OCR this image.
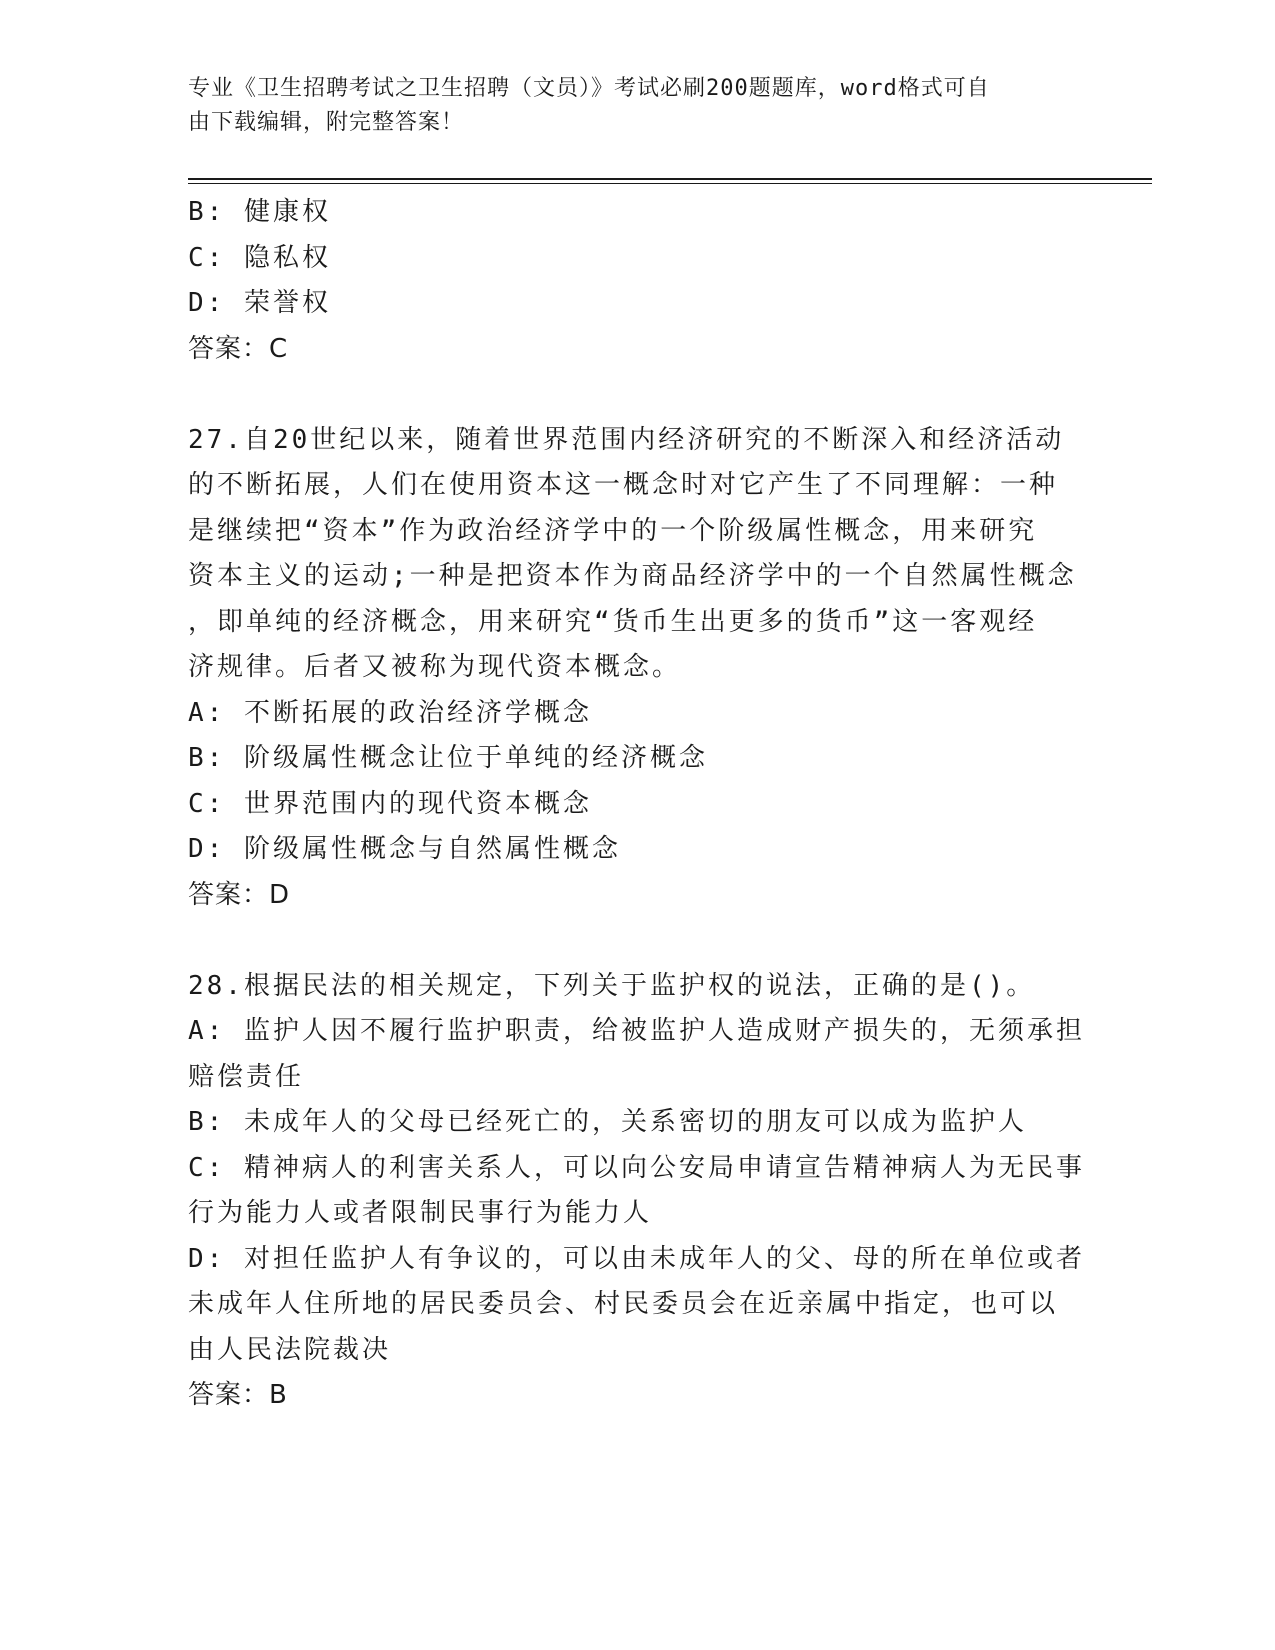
专业《卫生招聘考试之卫生招聘（文员）》考试必刷200题题库，word格式可自
由下载编辑，附完整答案！
B: 健康权
C: 隐私权
D: 荣誉权
答案：C
27.自20世纪以来，随着世界范围内经济研究的不断深入和经济活动
的不断拓展，人们在使用资本这一概念时对它产生了不同理解：一种
是继续把“资本”作为政治经济学中的一个阶级属性概念，用来研究
资本主义的运动;一种是把资本作为商品经济学中的一个自然属性概念
，即单纯的经济概念，用来研究“货币生出更多的货币”这一客观经
济规律。后者又被称为现代资本概念。
A: 不断拓展的政治经济学概念
B: 阶级属性概念让位于单纯的经济概念
C: 世界范围内的现代资本概念
D: 阶级属性概念与自然属性概念
答案：D
28.根据民法的相关规定，下列关于监护权的说法，正确的是()。
A: 监护人因不履行监护职责，给被监护人造成财产损失的，无须承担
赔偿责任
B: 未成年人的父母已经死亡的，关系密切的朋友可以成为监护人
C: 精神病人的利害关系人，可以向公安局申请宣告精神病人为无民事
行为能力人或者限制民事行为能力人
D: 对担任监护人有争议的，可以由未成年人的父、母的所在单位或者
未成年人住所地的居民委员会、村民委员会在近亲属中指定，也可以
由人民法院裁决
答案：B
